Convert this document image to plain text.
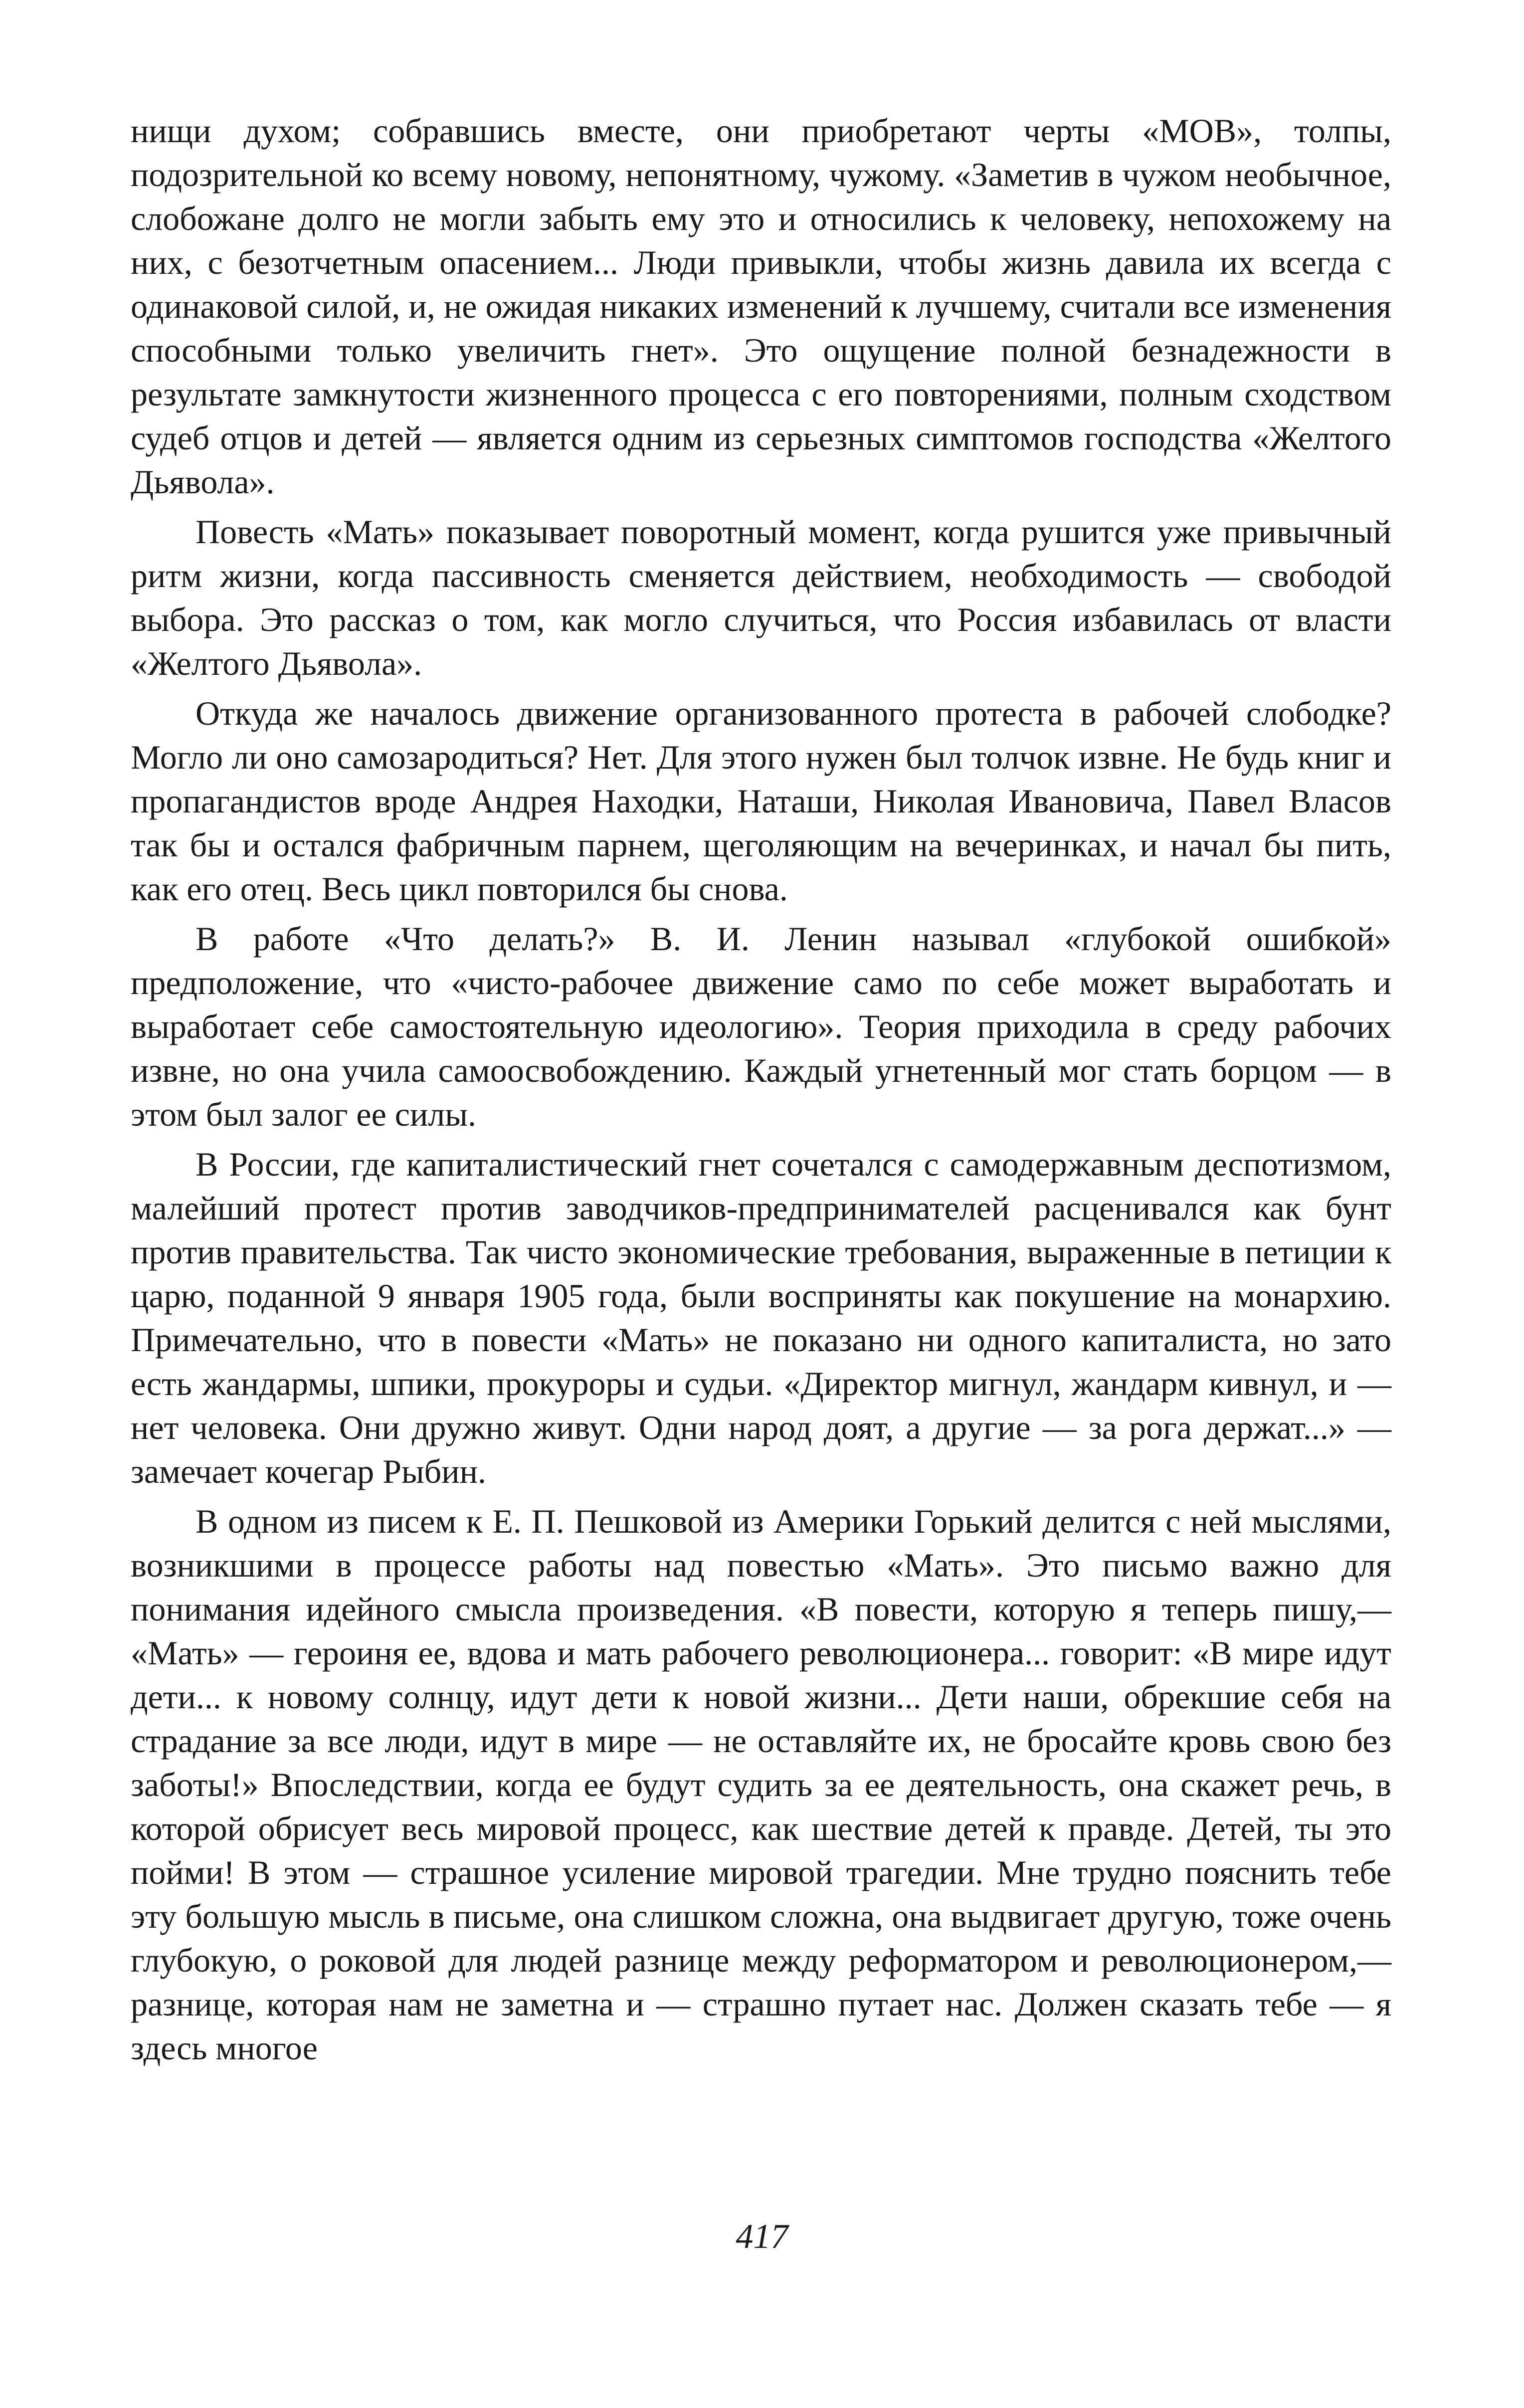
нищи духом; собравшись вместе, они приобретают черты «МОВ», толпы, подозрительной ко всему новому, непонятному, чужому. «Заметив в чужом необычное, слобожане долго не могли забыть ему это и относились к человеку, непохожему на них, с безотчетным опасением... Люди привыкли, чтобы жизнь давила их всегда с одинаковой силой, и, не ожидая никаких изменений к лучшему, считали все изменения способными только увеличить гнет». Это ощущение полной безнадежности в результате замкнутости жизненного процесса с его повторениями, полным сходством судеб отцов и детей — является одним из серьезных симптомов господства «Желтого Дьявола».

Повесть «Мать» показывает поворотный момент, когда рушится уже привычный ритм жизни, когда пассивность сменяется действием, необходимость — свободой выбора. Это рассказ о том, как могло случиться, что Россия избавилась от власти «Желтого Дьявола».

Откуда же началось движение организованного протеста в рабочей слободке? Могло ли оно самозародиться? Нет. Для этого нужен был толчок извне. Не будь книг и пропагандистов вроде Андрея Находки, Наташи, Николая Ивановича, Павел Власов так бы и остался фабричным парнем, щеголяющим на вечеринках, и начал бы пить, как его отец. Весь цикл повторился бы снова.

В работе «Что делать?» В. И. Ленин называл «глубокой ошибкой» предположение, что «чисто-рабочее движение само по себе может выработать и выработает себе самостоятельную идеологию». Теория приходила в среду рабочих извне, но она учила самоосвобождению. Каждый угнетенный мог стать борцом — в этом был залог ее силы.

В России, где капиталистический гнет сочетался с самодержавным деспотизмом, малейший протест против заводчиков-предпринимателей расценивался как бунт против правительства. Так чисто экономические требования, выраженные в петиции к царю, поданной 9 января 1905 года, были восприняты как покушение на монархию. Примечательно, что в повести «Мать» не показано ни одного капиталиста, но зато есть жандармы, шпики, прокуроры и судьи. «Директор мигнул, жандарм кивнул, и — нет человека. Они дружно живут. Одни народ доят, а другие — за рога держат...» — замечает кочегар Рыбин.

В одном из писем к Е. П. Пешковой из Америки Горький делится с ней мыслями, возникшими в процессе работы над повестью «Мать». Это письмо важно для понимания идейного смысла произведения. «В повести, которую я теперь пишу,— «Мать» — героиня ее, вдова и мать рабочего революционера... говорит: «В мире идут дети... к новому солнцу, идут дети к новой жизни... Дети наши, обрекшие себя на страдание за все люди, идут в мире — не оставляйте их, не бросайте кровь свою без заботы!» Впоследствии, когда ее будут судить за ее деятельность, она скажет речь, в которой обрисует весь мировой процесс, как шествие детей к правде. Детей, ты это пойми! В этом — страшное усиление мировой трагедии. Мне трудно пояснить тебе эту большую мысль в письме, она слишком сложна, она выдвигает другую, тоже очень глубокую, о роковой для людей разнице между реформатором и революционером,— разнице, которая нам не заметна и — страшно путает нас. Должен сказать тебе — я здесь многое

417
